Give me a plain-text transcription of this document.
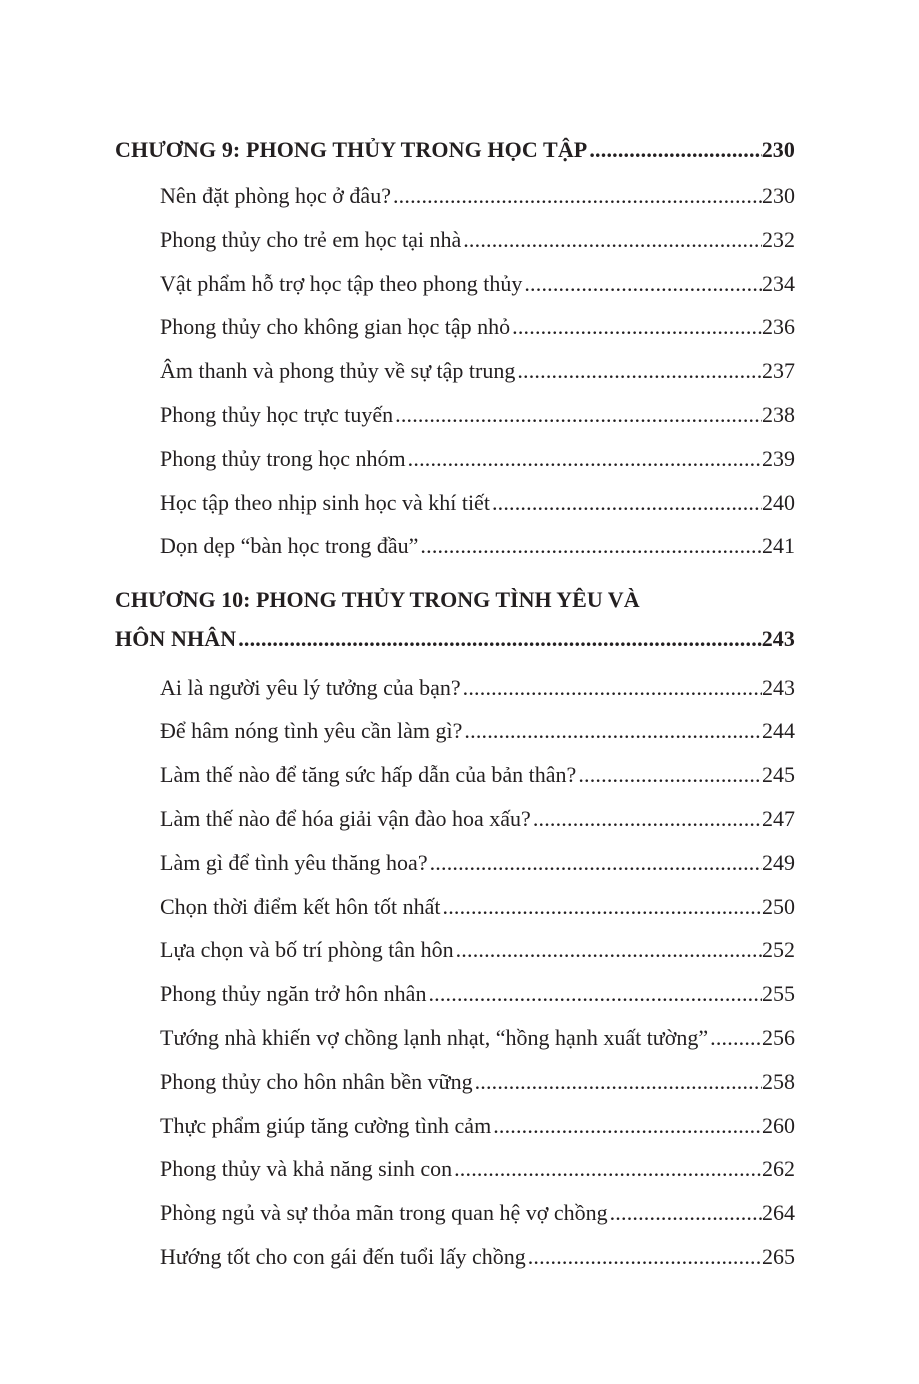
CHƯƠNG 9: PHONG THỦY TRONG HỌC TẬP .....	230
Nên đặt phòng học ở đâu? .....	230
Phong thủy cho trẻ em học tại nhà .....	232
Vật phẩm hỗ trợ học tập theo phong thủy .....	234
Phong thủy cho không gian học tập nhỏ .....	236
Âm thanh và phong thủy về sự tập trung .....	237
Phong thủy học trực tuyến .....	238
Phong thủy trong học nhóm .....	239
Học tập theo nhịp sinh học và khí tiết .....	240
Dọn dẹp “bàn học trong đầu” .....	241
CHƯƠNG 10: PHONG THỦY TRONG TÌNH YÊU VÀ
HÔN NHÂN .....	243
Ai là người yêu lý tưởng của bạn? .....	243
Để hâm nóng tình yêu cần làm gì? .....	244
Làm thế nào để tăng sức hấp dẫn của bản thân? .....	245
Làm thế nào để hóa giải vận đào hoa xấu? .....	247
Làm gì để tình yêu thăng hoa? .....	249
Chọn thời điểm kết hôn tốt nhất .....	250
Lựa chọn và bố trí phòng tân hôn .....	252
Phong thủy ngăn trở hôn nhân .....	255
Tướng nhà khiến vợ chồng lạnh nhạt, “hồng hạnh xuất tường” ..... 256
Phong thủy cho hôn nhân bền vững .....	258
Thực phẩm giúp tăng cường tình cảm .....	260
Phong thủy và khả năng sinh con .....	262
Phòng ngủ và sự thỏa mãn trong quan hệ vợ chồng .....	264
Hướng tốt cho con gái đến tuổi lấy chồng .....	265
